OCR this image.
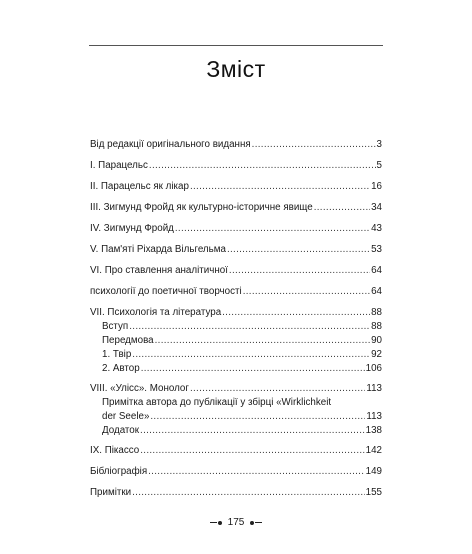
Зміст
Від редакції оригінального видання . . .	3
I. Парацельс . . .	5
II. Парацельс як лікар . . .	16
III. Зигмунд Фройд як культурно-історичне явище . . .	34
IV. Зигмунд Фройд . . .	43
V. Пам'яті Ріхарда Вільгельма . . .	53
VI. Про ставлення аналітичної . . .	64
психології до поетичної творчості . . .	64
VII. Психологія та література . . .	88
Вступ . . .	88
Передмова . . .	90
1. Твір . . .	92
2. Автор . . .	106
VIII. «Улісс». Монолог . . .	113
Примітка автора до публікації у збірці «Wirklichkeit
der Seele» . . .	113
Додаток . . .	138
IX. Пікассо . . .	142
Бібліографія . . .	149
Примітки . . .	155
175
